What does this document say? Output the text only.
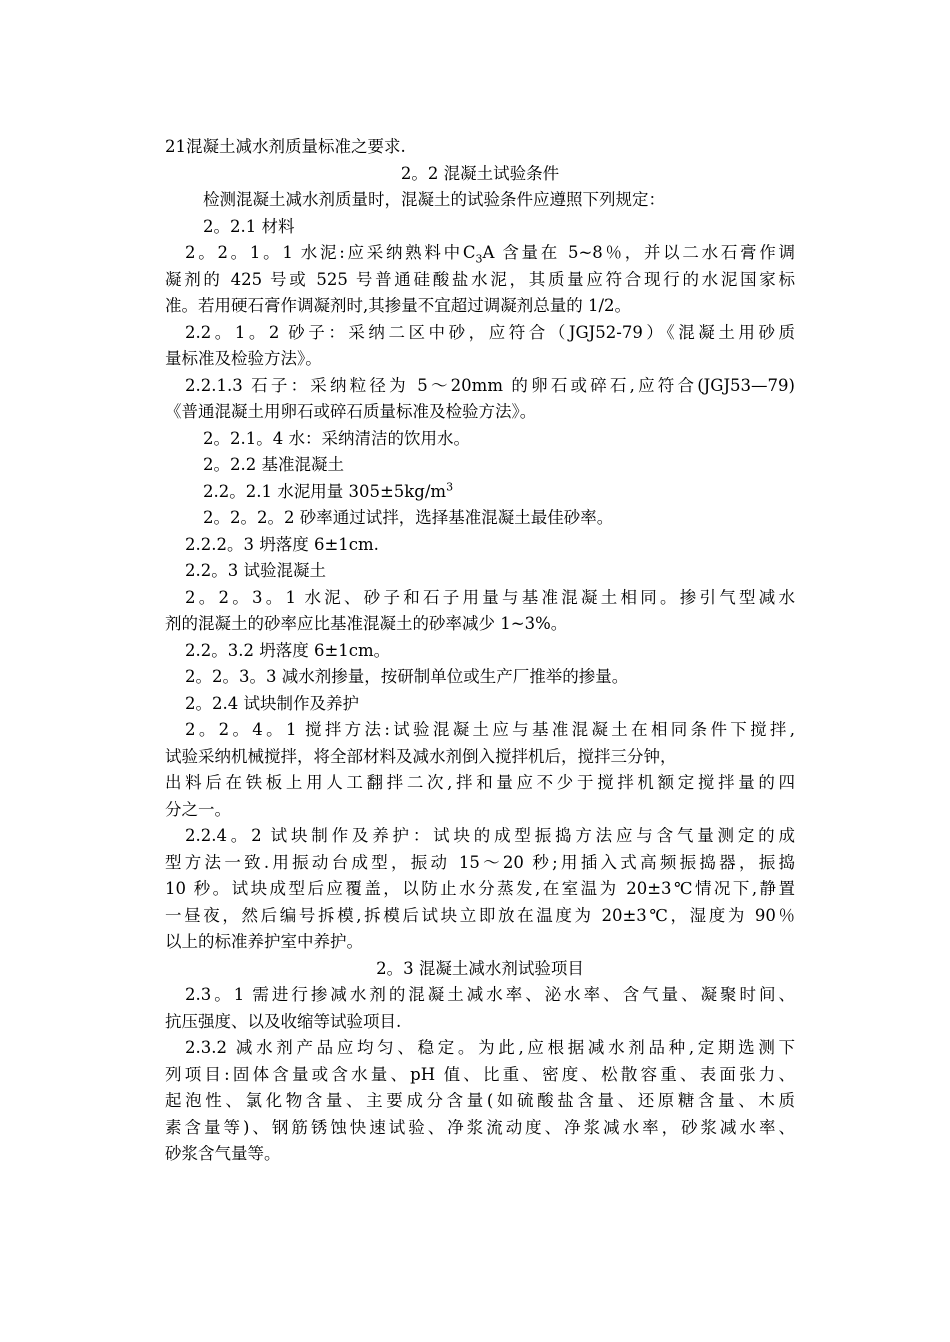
21混凝土减水剂质量标准之要求.
2。2 混凝土试验条件
检测混凝土减水剂质量时，混凝土的试验条件应遵照下列规定：
2。2.1 材料
2。2。1。1 水泥:应采纳熟料中$C_3A$ 含量在 5~8％，并以二水石膏作调
凝剂的 425 号或 525 号普通硅酸盐水泥，其质量应符合现行的水泥国家标
准。若用硬石膏作调凝剂时,其掺量不宜超过调凝剂总量的 1/2。
2.2。1。2 砂子：采纳二区中砂，应符合（JGJ52-79）《混凝土用砂质
量标准及检验方法》。
2.2.1.3 石子：采纳粒径为 5～20mm 的卵石或碎石,应符合(JGJ53—79)
《普通混凝土用卵石或碎石质量标准及检验方法》。
2。2.1。4 水：采纳清洁的饮用水。
2。2.2 基准混凝土
2.2。2.1 水泥用量 $305\pm 5kg/m^3$
2。2。2。2 砂率通过试拌，选择基准混凝土最佳砂率。
2.2.2。3 坍落度 6±1cm.
2.2。3 试验混凝土
2。2。3。1 水泥、砂子和石子用量与基准混凝土相同。掺引气型减水
剂的混凝土的砂率应比基准混凝土的砂率减少 1~3%。
2.2。3.2 坍落度 6±1cm。
2。2。3。3 减水剂掺量，按研制单位或生产厂推举的掺量。
2。2.4 试块制作及养护
2。2。4。1 搅拌方法:试验混凝土应与基准混凝土在相同条件下搅拌,
试验采纳机械搅拌，将全部材料及减水剂倒入搅拌机后，搅拌三分钟，
出料后在铁板上用人工翻拌二次,拌和量应不少于搅拌机额定搅拌量的四
分之一。
2.2.4。2 试块制作及养护：试块的成型振捣方法应与含气量测定的成
型方法一致.用振动台成型，振动 15～20 秒;用插入式高频振捣器，振捣
10 秒。试块成型后应覆盖，以防止水分蒸发,在室温为 20±3℃情况下,静置
一昼夜，然后编号拆模,拆模后试块立即放在温度为 20±3℃，湿度为 90％
以上的标准养护室中养护。
2。3 混凝土减水剂试验项目
2.3。1 需进行掺减水剂的混凝土减水率、泌水率、含气量、凝聚时间、
抗压强度、以及收缩等试验项目.
2.3.2 减水剂产品应均匀、稳定。为此,应根据减水剂品种,定期选测下
列项目:固体含量或含水量、pH 值、比重、密度、松散容重、表面张力、
起泡性、氯化物含量、主要成分含量(如硫酸盐含量、还原糖含量、木质
素含量等)、钢筋锈蚀快速试验、净浆流动度、净浆减水率，砂浆减水率、
砂浆含气量等。
